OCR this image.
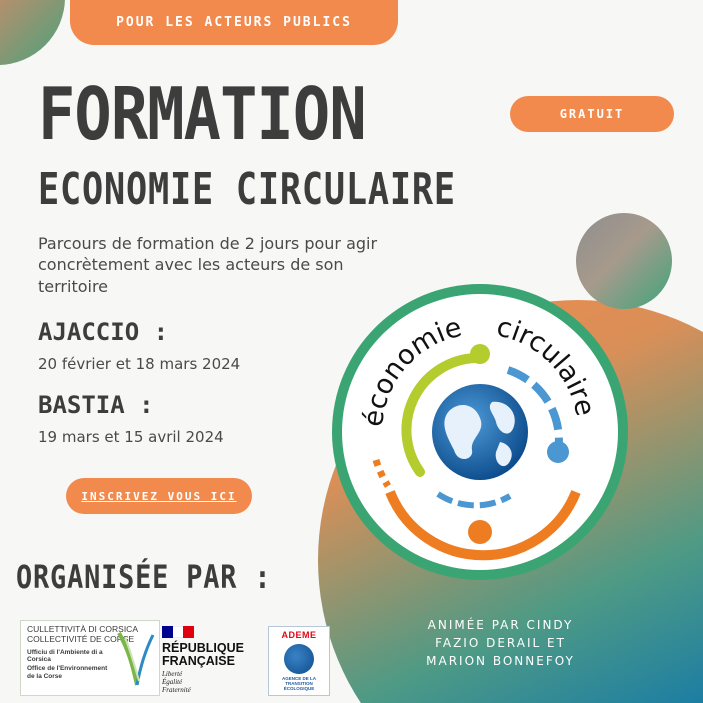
POUR LES ACTEURS PUBLICS
GRATUIT
FORMATION
ECONOMIE CIRCULAIRE
Parcours de formation de 2 jours pour agir concrètement avec les acteurs de son territoire
AJACCIO :
20 février et 18 mars 2024
BASTIA :
19 mars et 15 avril 2024
INSCRIVEZ VOUS ICI
ORGANISÉE PAR :
CULLETTIVITÀ DI CORSICA
COLLECTIVITÉ DE CORSE
Ufficiu di l'Ambiente di a Corsica
Office de l'Environnement de la Corse
RÉPUBLIQUE
FRANÇAISE
Liberté
Égalité
Fraternité
ADEME
AGENCE DE LA
TRANSITION
ÉCOLOGIQUE
ANIMÉE PAR CINDY
FAZIO DERAIL ET
MARION BONNEFOY
économie circulaire
